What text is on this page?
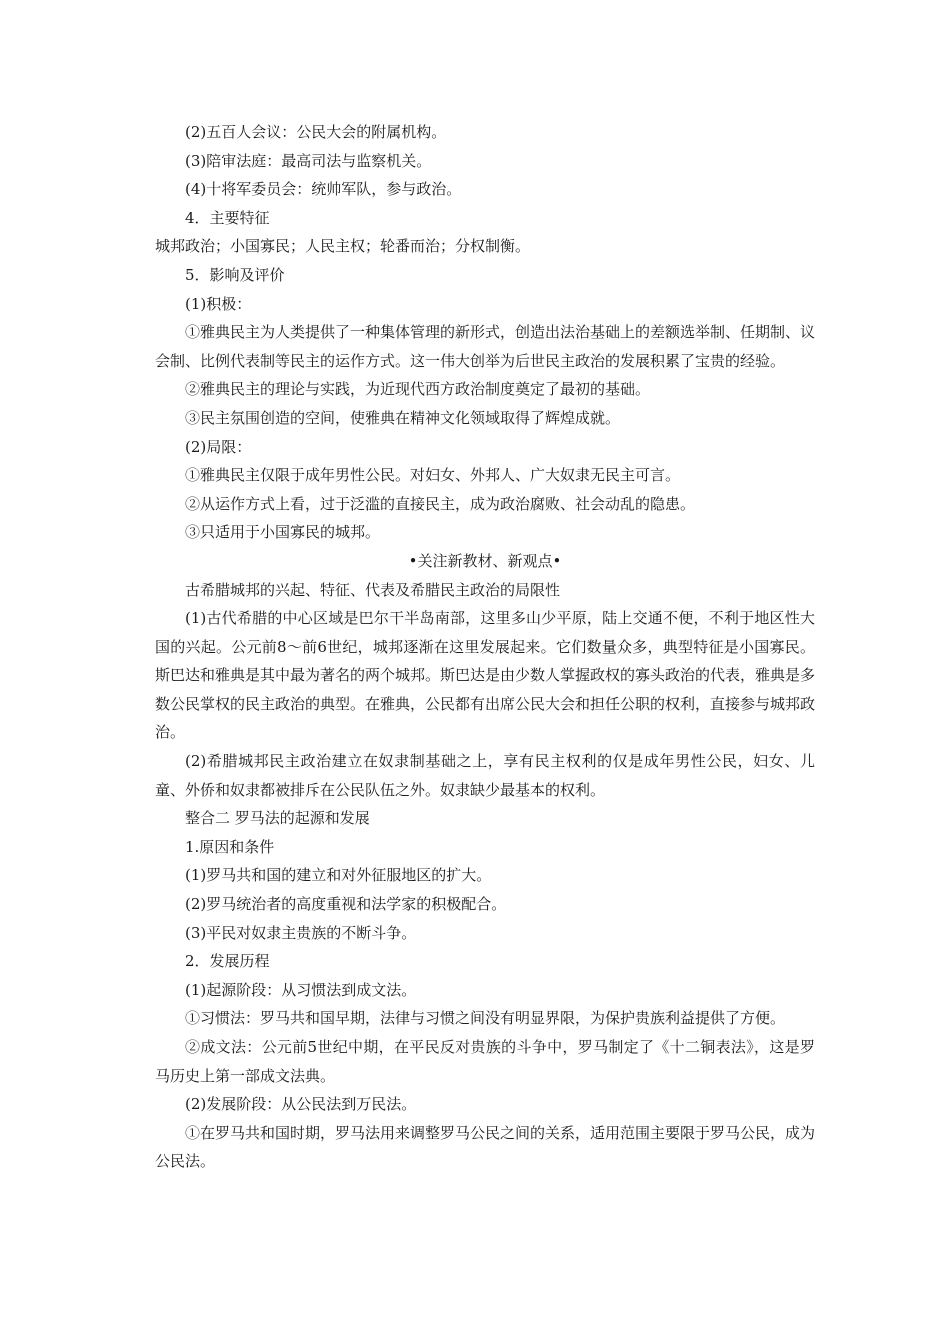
(2)五百人会议：公民大会的附属机构。

(3)陪审法庭：最高司法与监察机关。

(4)十将军委员会：统帅军队，参与政治。

4．主要特征

城邦政治；小国寡民；人民主权；轮番而治；分权制衡。

5．影响及评价

(1)积极：

①雅典民主为人类提供了一种集体管理的新形式，创造出法治基础上的差额选举制、任期制、议会制、比例代表制等民主的运作方式。这一伟大创举为后世民主政治的发展积累了宝贵的经验。

②雅典民主的理论与实践，为近现代西方政治制度奠定了最初的基础。

③民主氛围创造的空间，使雅典在精神文化领域取得了辉煌成就。

(2)局限：

①雅典民主仅限于成年男性公民。对妇女、外邦人、广大奴隶无民主可言。

②从运作方式上看，过于泛滥的直接民主，成为政治腐败、社会动乱的隐患。

③只适用于小国寡民的城邦。

•关注新教材、新观点•

古希腊城邦的兴起、特征、代表及希腊民主政治的局限性

(1)古代希腊的中心区域是巴尔干半岛南部，这里多山少平原，陆上交通不便，不利于地区性大国的兴起。公元前8～前6世纪，城邦逐渐在这里发展起来。它们数量众多，典型特征是小国寡民。斯巴达和雅典是其中最为著名的两个城邦。斯巴达是由少数人掌握政权的寡头政治的代表，雅典是多数公民掌权的民主政治的典型。在雅典，公民都有出席公民大会和担任公职的权利，直接参与城邦政治。

(2)希腊城邦民主政治建立在奴隶制基础之上，享有民主权利的仅是成年男性公民，妇女、儿童、外侨和奴隶都被排斥在公民队伍之外。奴隶缺少最基本的权利。

整合二 罗马法的起源和发展

1.原因和条件

(1)罗马共和国的建立和对外征服地区的扩大。

(2)罗马统治者的高度重视和法学家的积极配合。

(3)平民对奴隶主贵族的不断斗争。

2．发展历程

(1)起源阶段：从习惯法到成文法。

①习惯法：罗马共和国早期，法律与习惯之间没有明显界限，为保护贵族利益提供了方便。

②成文法：公元前5世纪中期，在平民反对贵族的斗争中，罗马制定了《十二铜表法》，这是罗马历史上第一部成文法典。

(2)发展阶段：从公民法到万民法。

①在罗马共和国时期，罗马法用来调整罗马公民之间的关系，适用范围主要限于罗马公民，成为公民法。
